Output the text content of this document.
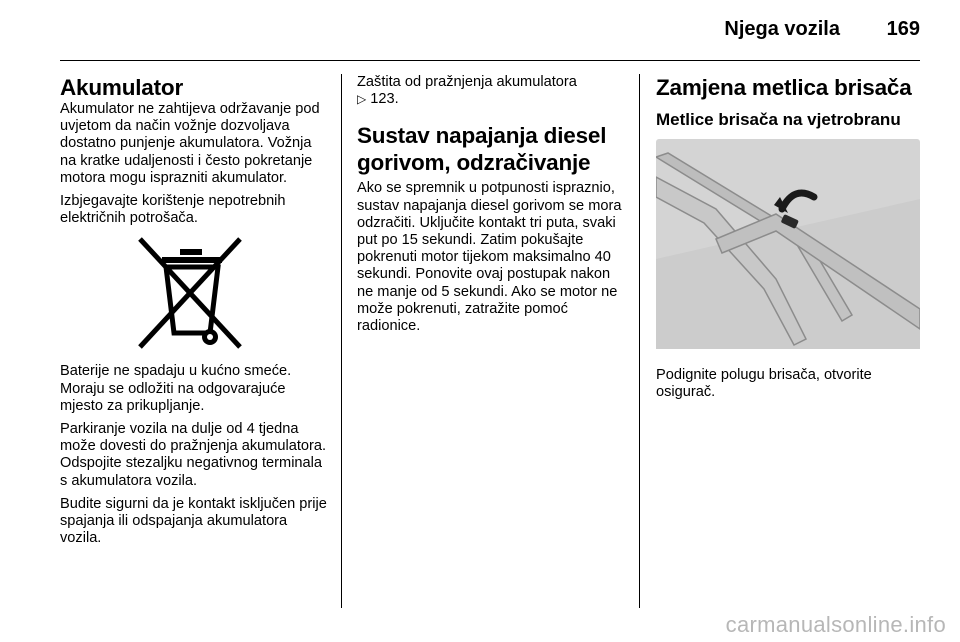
Njega vozila 169
Akumulator

Akumulator ne zahtijeva održavanje pod uvjetom da način vožnje dozvoljava dostatno punjenje akumulatora. Vožnja na kratke udaljenosti i često pokretanje motora mogu isprazniti akumulator.

Izbjegavajte korištenje nepotrebnih električnih potrošača.

Baterije ne spadaju u kućno smeće. Moraju se odložiti na odgovarajuće mjesto za prikupljanje.

Parkiranje vozila na dulje od 4 tjedna može dovesti do pražnjenja akumulatora. Odspojite stezaljku negativnog terminala s akumulatora vozila.

Budite sigurni da je kontakt isključen prije spajanja ili odspajanja akumulatora vozila.

Zaštita od pražnjenja akumulatora
▷ 123.

Sustav napajanja diesel gorivom, odzračivanje

Ako se spremnik u potpunosti ispraznio, sustav napajanja diesel gorivom se mora odzračiti. Uključite kontakt tri puta, svaki put po 15 sekundi. Zatim pokušajte pokrenuti motor tijekom maksimalno 40 sekundi. Ponovite ovaj postupak nakon ne manje od 5 sekundi. Ako se motor ne može pokrenuti, zatražite pomoć radionice.

Zamjena metlica brisača
Metlice brisača na vjetrobranu

Podignite polugu brisača, otvorite osigurač.

carmanualsonline.info
